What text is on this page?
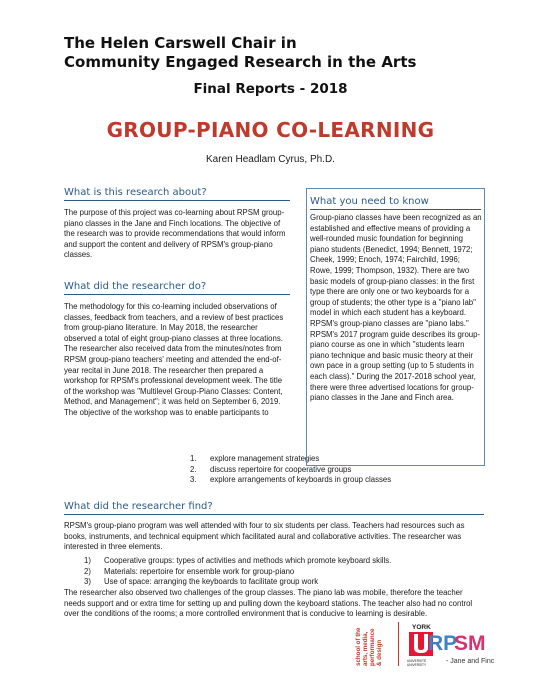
The Helen Carswell Chair in
Community Engaged Research in the Arts
Final Reports - 2018
GROUP-PIANO CO-LEARNING
Karen Headlam Cyrus, Ph.D.
What is this research about?
The purpose of this project was co-learning about RPSM group-piano classes in the Jane and Finch locations. The objective of the research was to provide recommendations that would inform and support the content and delivery of RPSM's group-piano classes.
What did the researcher do?
The methodology for this co-learning included observations of classes, feedback from teachers, and a review of best practices from group-piano literature. In May 2018, the researcher observed a total of eight group-piano classes at three locations. The researcher also received data from the minutes/notes from RPSM group-piano teachers' meeting and attended the end-of-year recital in June 2018. The researcher then prepared a workshop for RPSM's professional development week. The title of the workshop was "Multilevel Group-Piano Classes: Content, Method, and Management"; it was held on September 6, 2019. The objective of the workshop was to enable participants to
1.	explore management strategies
2.	discuss repertoire for cooperative groups
3.	explore arrangements of keyboards in group classes
What you need to know
Group-piano classes have been recognized as an established and effective means of providing a well-rounded music foundation for beginning piano students (Benedict, 1994; Bennett, 1972; Cheek, 1999; Enoch, 1974; Fairchild, 1996; Rowe, 1999; Thompson, 1932). There are two basic models of group-piano classes: in the first type there are only one or two keyboards for a group of students; the other type is a "piano lab" model in which each student has a keyboard. RPSM's group-piano classes are "piano labs." RPSM's 2017 program guide describes its group-piano course as one in which "students learn piano technique and basic music theory at their own pace in a group setting (up to 5 students in each class)." During the 2017-2018 school year, there were three advertised locations for group-piano classes in the Jane and Finch area.
What did the researcher find?
RPSM's group-piano program was well attended with four to six students per class. Teachers had resources such as books, instruments, and technical equipment which facilitated aural and collaborative activities. The researcher was interested in three elements.
1)	Cooperative groups: types of activities and methods which promote keyboard skills.
2)	Materials: repertoire for ensemble work for group-piano
3)	Use of space: arranging the keyboards to facilitate group work
The researcher also observed two challenges of the group classes. The piano lab was mobile, therefore the teacher needs support and or extra time for setting up and pulling down the keyboard stations. The teacher also had no control over the conditions of the rooms; a more controlled environment that is conducive to learning is desirable.
school of the arts, media, performance & design
YORK
UNIVERSITÉ
UNIVERSITY
RP
SM
- Jane and Finch
